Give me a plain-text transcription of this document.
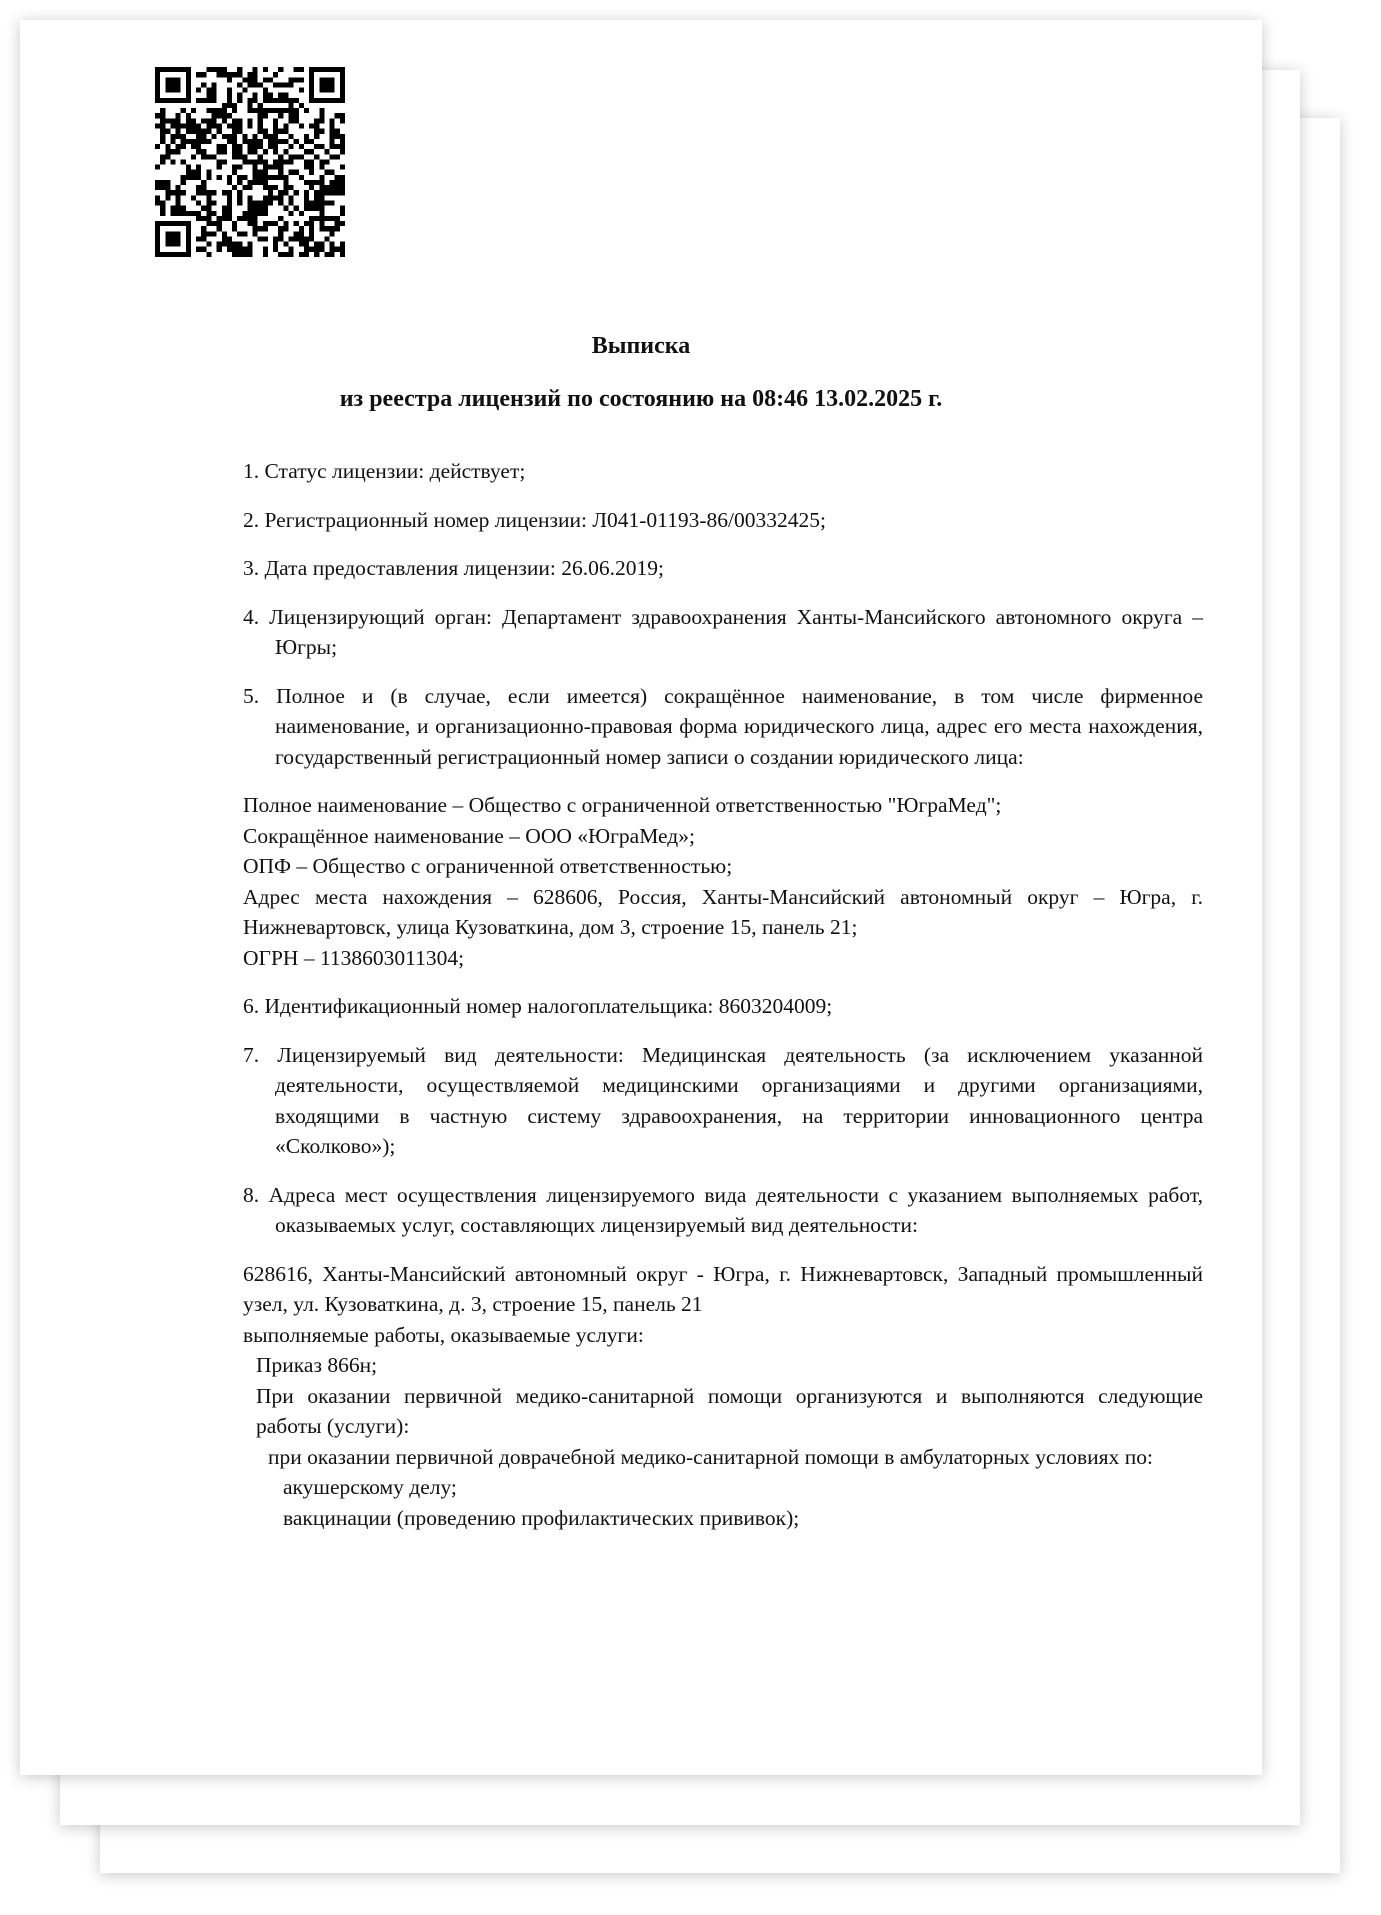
Выписка
из реестра лицензий по состоянию на 08:46 13.02.2025 г.
1. Статус лицензии: действует;
2. Регистрационный номер лицензии: Л041-01193-86/00332425;
3. Дата предоставления лицензии: 26.06.2019;
4. Лицензирующий орган: Департамент здравоохранения Ханты-Мансийского автономного округа – Югры;
5. Полное и (в случае, если имеется) сокращённое наименование, в том числе фирменное наименование, и организационно-правовая форма юридического лица, адрес его места нахождения, государственный регистрационный номер записи о создании юридического лица:
Полное наименование – Общество с ограниченной ответственностью "ЮграМед";
Сокращённое наименование – ООО «ЮграМед»;
ОПФ – Общество с ограниченной ответственностью;
Адрес места нахождения – 628606, Россия, Ханты-Мансийский автономный округ – Югра, г. Нижневартовск, улица Кузоваткина, дом 3, строение 15, панель 21;
ОГРН – 1138603011304;
6. Идентификационный номер налогоплательщика: 8603204009;
7. Лицензируемый вид деятельности: Медицинская деятельность (за исключением указанной деятельности, осуществляемой медицинскими организациями и другими организациями, входящими в частную систему здравоохранения, на территории инновационного центра «Сколково»);
8. Адреса мест осуществления лицензируемого вида деятельности с указанием выполняемых работ, оказываемых услуг, составляющих лицензируемый вид деятельности:
628616, Ханты-Мансийский автономный округ - Югра, г. Нижневартовск, Западный промышленный узел, ул. Кузоваткина, д. 3, строение 15, панель 21
выполняемые работы, оказываемые услуги:
Приказ 866н;
При оказании первичной медико-санитарной помощи организуются и выполняются следующие работы (услуги):
при оказании первичной доврачебной медико-санитарной помощи в амбулаторных условиях по:
акушерскому делу;
вакцинации (проведению профилактических прививок);
